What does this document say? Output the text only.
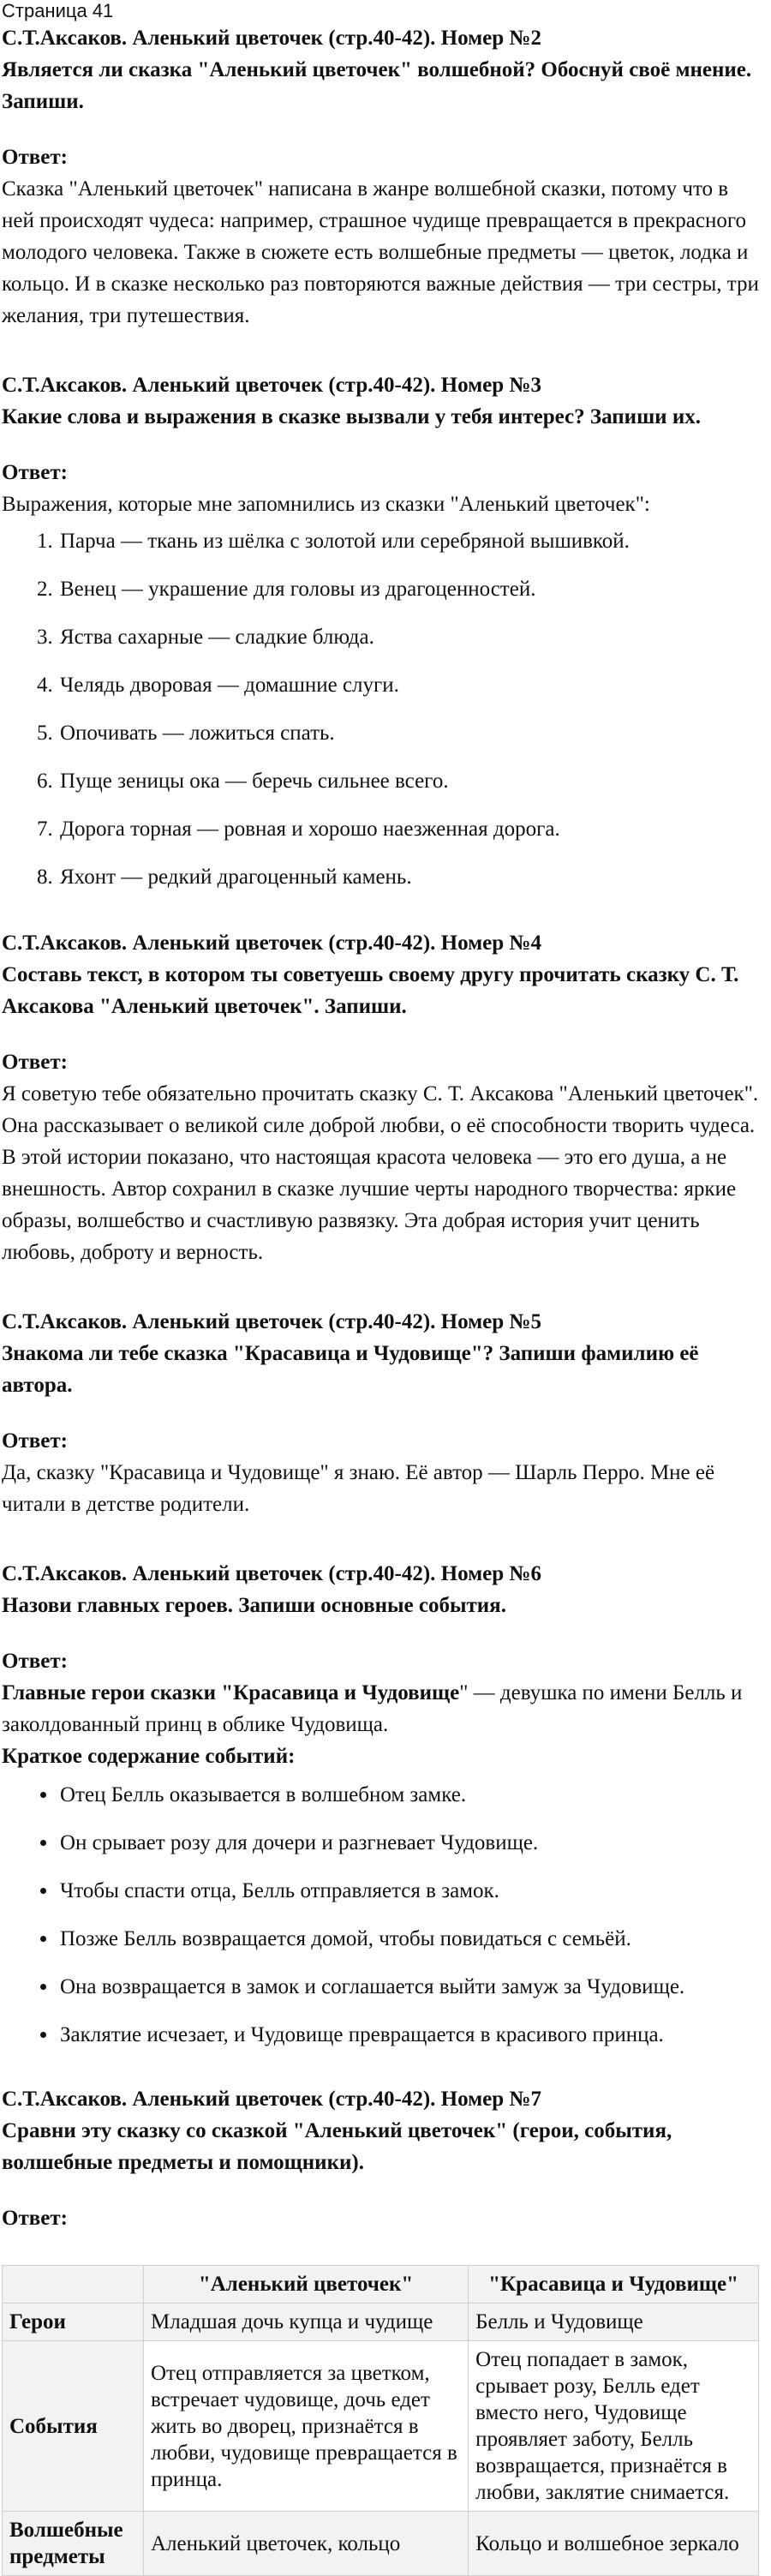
Страница 41

С.Т.Аксаков. Аленький цветочек (стр.40-42). Номер №2

Является ли сказка "Аленький цветочек" волшебной? Обоснуй своё мнение. Запиши.

Ответ:

Сказка "Аленький цветочек" написана в жанре волшебной сказки, потому что в ней происходят чудеса: например, страшное чудище превращается в прекрасного молодого человека. Также в сюжете есть волшебные предметы — цветок, лодка и кольцо. И в сказке несколько раз повторяются важные действия — три сестры, три желания, три путешествия.

С.Т.Аксаков. Аленький цветочек (стр.40-42). Номер №3

Какие слова и выражения в сказке вызвали у тебя интерес? Запиши их.

Ответ:

Выражения, которые мне запомнились из сказки "Аленький цветочек":

1. Парча — ткань из шёлка с золотой или серебряной вышивкой.
2. Венец — украшение для головы из драгоценностей.
3. Яства сахарные — сладкие блюда.
4. Челядь дворовая — домашние слуги.
5. Опочивать — ложиться спать.
6. Пуще зеницы ока — беречь сильнее всего.
7. Дорога торная — ровная и хорошо наезженная дорога.
8. Яхонт — редкий драгоценный камень.

С.Т.Аксаков. Аленький цветочек (стр.40-42). Номер №4

Составь текст, в котором ты советуешь своему другу прочитать сказку С. Т. Аксакова "Аленький цветочек". Запиши.

Ответ:

Я советую тебе обязательно прочитать сказку С. Т. Аксакова "Аленький цветочек". Она рассказывает о великой силе доброй любви, о её способности творить чудеса. В этой истории показано, что настоящая красота человека — это его душа, а не внешность. Автор сохранил в сказке лучшие черты народного творчества: яркие образы, волшебство и счастливую развязку. Эта добрая история учит ценить любовь, доброту и верность.

С.Т.Аксаков. Аленький цветочек (стр.40-42). Номер №5

Знакома ли тебе сказка "Красавица и Чудовище"? Запиши фамилию её автора.

Ответ:

Да, сказку "Красавица и Чудовище" я знаю. Её автор — Шарль Перро. Мне её читали в детстве родители.

С.Т.Аксаков. Аленький цветочек (стр.40-42). Номер №6

Назови главных героев. Запиши основные события.

Ответ:

Главные герои сказки "Красавица и Чудовище" — девушка по имени Белль и заколдованный принц в облике Чудовища.

Краткое содержание событий:

• Отец Белль оказывается в волшебном замке.
• Он срывает розу для дочери и разгневает Чудовище.
• Чтобы спасти отца, Белль отправляется в замок.
• Позже Белль возвращается домой, чтобы повидаться с семьёй.
• Она возвращается в замок и соглашается выйти замуж за Чудовище.
• Заклятие исчезает, и Чудовище превращается в красивого принца.

С.Т.Аксаков. Аленький цветочек (стр.40-42). Номер №7

Сравни эту сказку со сказкой "Аленький цветочек" (герои, события, волшебные предметы и помощники).

Ответ:

	"Аленький цветочек"	"Красавица и Чудовище"
Герои	Младшая дочь купца и чудище	Белль и Чудовище
События	Отец отправляется за цветком, встречает чудовище, дочь едет жить во дворец, признаётся в любви, чудовище превращается в принца.	Отец попадает в замок, срывает розу, Белль едет вместо него, Чудовище проявляет заботу, Белль возвращается, признаётся в любви, заклятие снимается.
Волшебные предметы	Аленький цветочек, кольцо	Кольцо и волшебное зеркало
